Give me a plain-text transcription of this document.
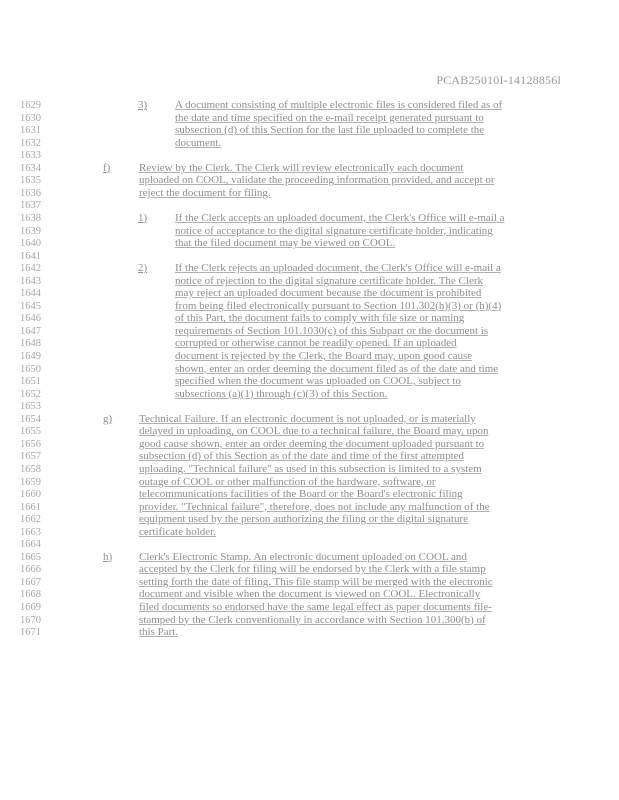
PCAB25010I-14128856l
1629
1630
1631
1632
1633
1634
1635
1636
1637
1638
1639
1640
1641
1642
1643
1644
1645
1646
1647
1648
1649
1650
1651
1652
1653
1654
1655
1656
1657
1658
1659
1660
1661
1662
1663
1664
1665
1666
1667
1668
1669
1670
1671
3)	A document consisting of multiple electronic files is considered filed as of
the date and time specified on the e-mail receipt generated pursuant to
subsection (d) of this Section for the last file uploaded to complete the
document.
f)	Review by the Clerk. The Clerk will review electronically each document
uploaded on COOL, validate the proceeding information provided, and accept or
reject the document for filing.
1)	If the Clerk accepts an uploaded document, the Clerk's Office will e-mail a
notice of acceptance to the digital signature certificate holder, indicating
that the filed document may be viewed on COOL.
2)	If the Clerk rejects an uploaded document, the Clerk's Office will e-mail a
notice of rejection to the digital signature certificate holder. The Clerk
may reject an uploaded document because the document is prohibited
from being filed electronically pursuant to Section 101.302(h)(3) or (h)(4)
of this Part, the document fails to comply with file size or naming
requirements of Section 101.1030(c) of this Subpart or the document is
corrupted or otherwise cannot be readily opened. If an uploaded
document is rejected by the Clerk, the Board may, upon good cause
shown, enter an order deeming the document filed as of the date and time
specified when the document was uploaded on COOL, subject to
subsections (a)(1) through (c)(3) of this Section.
g) Technical Failure. If an electronic document is not uploaded, or is materially
delayed in uploading, on COOL due to a technical failure, the Board may, upon
good cause shown, enter an order deeming the document uploaded pursuant to
subsection (d) of this Section as of the date and time of the first attempted
uploading. "Technical failure" as used in this subsection is limited to a system
outage of COOL or other malfunction of the hardware, software, or
telecommunications facilities of the Board or the Board's electronic filing
provider. "Technical failure", therefore, does not include any malfunction of the
equipment used by the person authorizing the filing or the digital signature
certificate holder.
h) Clerk's Electronic Stamp. An electronic document uploaded on COOL and
accepted by the Clerk for filing will be endorsed by the Clerk with a file stamp
setting forth the date of filing. This file stamp will be merged with the electronic
document and visible when the document is viewed on COOL. Electronically
filed documents so endorsed have the same legal effect as paper documents file-
stamped by the Clerk conventionally in accordance with Section 101.300(b) of
this Part.
